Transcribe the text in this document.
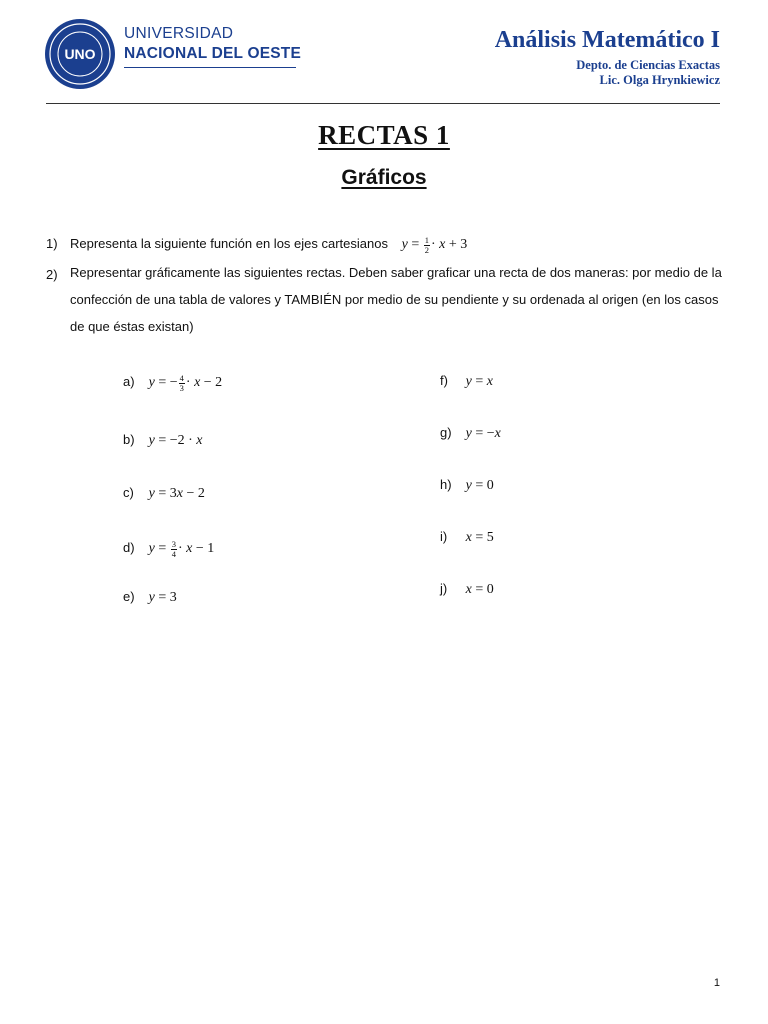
UNO
UNIVERSIDAD
NACIONAL DEL OESTE	Análisis Matemático I
Depto. de Ciencias Exactas
Lic. Olga Hrynkiewicz
RECTAS 1
Gráficos
1) Representa la siguiente función en los ejes cartesianos $y = \frac{1}{2} \cdot x + 3$
2) Representar gráficamente las siguientes rectas. Deben saber graficar una recta de dos maneras: por medio de la confección de una tabla de valores y TAMBIÉN por medio de su pendiente y su ordenada al origen (en los casos de que éstas existan)
a) y = − $\frac{4}{3} \cdot x - 2$
b) y = −2 · x
c) y = 3x − 2
d) $y = \frac{3}{4} \cdot x - 1$
e) y = 3
f) y = x
g) y = −x
h) y = 0
i) x = 5
j) x = 0
1
